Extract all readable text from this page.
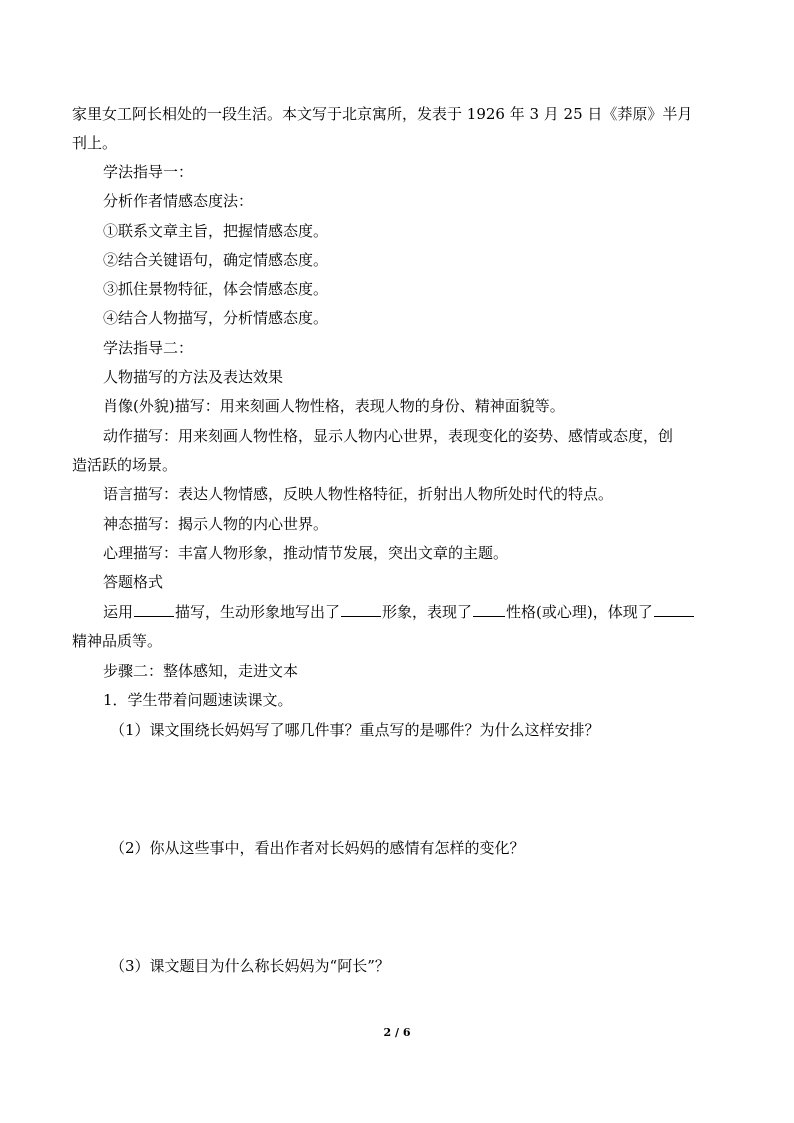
家里女工阿长相处的一段生活。本文写于北京寓所，发表于 1926 年 3 月 25 日《莽原》半月
刊上。
学法指导一：
分析作者情感态度法：
①联系文章主旨，把握情感态度。
②结合关键语句，确定情感态度。
③抓住景物特征，体会情感态度。
④结合人物描写，分析情感态度。
学法指导二：
人物描写的方法及表达效果
肖像(外貌)描写：用来刻画人物性格，表现人物的身份、精神面貌等。
动作描写：用来刻画人物性格，显示人物内心世界，表现变化的姿势、感情或态度，创
造活跃的场景。
语言描写：表达人物情感，反映人物性格特征，折射出人物所处时代的特点。
神态描写：揭示人物的内心世界。
心理描写：丰富人物形象，推动情节发展，突出文章的主题。
答题格式
运用	描写，生动形象地写出了	形象，表现了 性格(或心理)，体现了
精神品质等。
步骤二：整体感知，走进文本
1．学生带着问题速读课文。
（1）课文围绕长妈妈写了哪几件事？重点写的是哪件？为什么这样安排？
（2）你从这些事中，看出作者对长妈妈的感情有怎样的变化？
（3）课文题目为什么称长妈妈为“阿长”？
2 / 6
